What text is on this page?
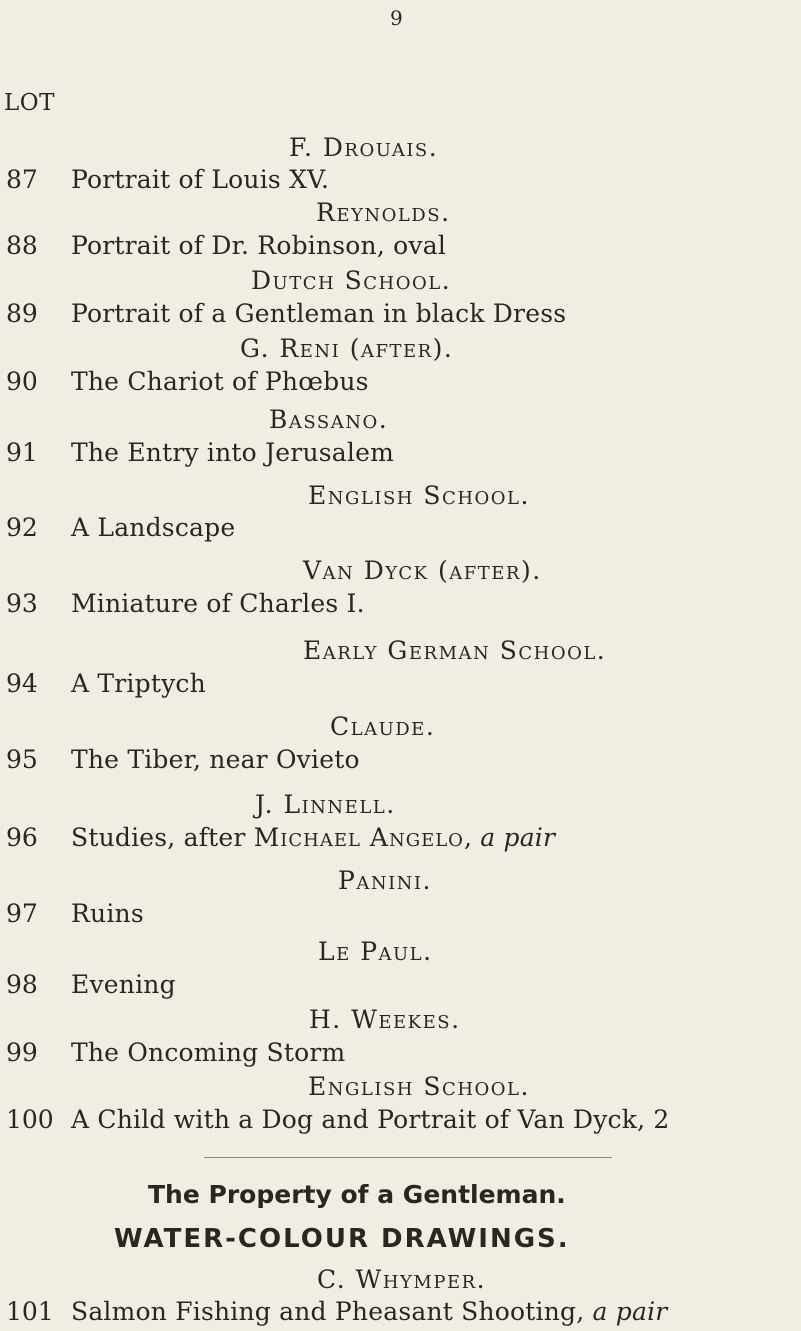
9
LOT
F. Drouais.
87	Portrait of Louis XV.
Reynolds.
88	Portrait of Dr. Robinson, oval
Dutch School.
89	Portrait of a Gentleman in black Dress
G. Reni (after).
90	The Chariot of Phœbus
Bassano.
91	The Entry into Jerusalem
English School.
92	A Landscape
Van Dyck (after).
93	Miniature of Charles I.
Early German School.
94	A Triptych
Claude.
95	The Tiber, near Ovieto
J. Linnell.
96	Studies, after Michael Angelo, a pair
Panini.
97	Ruins
Le Paul.
98	Evening
H. Weekes.
99	The Oncoming Storm
English School.
100 A Child with a Dog and Portrait of Van Dyck, 2
The Property of a Gentleman.
WATER-COLOUR DRAWINGS.
C. Whymper.
101 Salmon Fishing and Pheasant Shooting, a pair
